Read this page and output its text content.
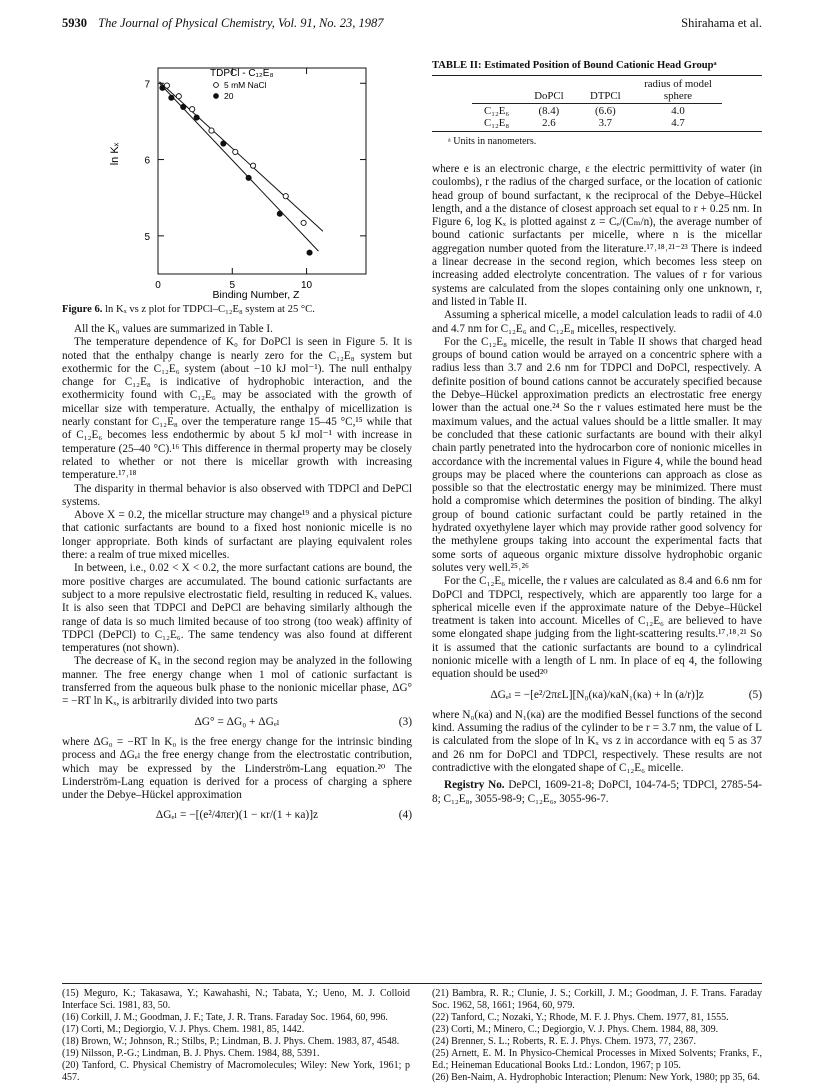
5930 The Journal of Physical Chemistry, Vol. 91, No. 23, 1987	Shirahama et al.
0	5	10
5
6
7	5 mM NaCl
20
TDPCl - C₁₂E₈
ln Kₓ
Binding Number, Z
Figure 6. ln Kₓ vs z plot for TDPCl–C₁₂E₈ system at 25 °C.

All the K₀ values are summarized in Table I.

The temperature dependence of K₀ for DoPCl is seen in Figure 5. It is noted that the enthalpy change is nearly zero for the C₁₂E₈ system but exothermic for the C₁₂E₆ system (about −10 kJ mol⁻¹). The null enthalpy change for C₁₂E₈ is indicative of hydrophobic interaction, and the exothermicity found with C₁₂E₆ may be associated with the growth of micellar size with temperature. Actually, the enthalpy of micellization is nearly constant for C₁₂E₈ over the temperature range 15–45 °C,¹⁵ while that of C₁₂E₆ becomes less endothermic by about 5 kJ mol⁻¹ with increase in temperature (25–40 °C).¹⁶ This difference in thermal property may be closely related to whether or not there is micellar growth with increasing temperature.¹⁷˒¹⁸

The disparity in thermal behavior is also observed with TDPCl and DePCl systems.

Above X = 0.2, the micellar structure may change¹⁹ and a physical picture that cationic surfactants are bound to a fixed host nonionic micelle is no longer appropriate. Both kinds of surfactant are playing equivalent roles there: a realm of true mixed micelles.

In between, i.e., 0.02 < X < 0.2, the more surfactant cations are bound, the more positive charges are accumulated. The bound cationic surfactants are subject to a more repulsive electrostatic field, resulting in reduced Kₓ values. It is also seen that TDPCl and DePCl are behaving similarly although the range of data is so much limited because of too strong (too weak) affinity of TDPCl (DePCl) to C₁₂E₆. The same tendency was also found at different temperatures (not shown).

The decrease of Kₓ in the second region may be analyzed in the following manner. The free energy change when 1 mol of cationic surfactant is transferred from the aqueous bulk phase to the nonionic micellar phase, ΔG° = −RT ln Kₓ, is arbitrarily divided into two parts

ΔG° = ΔG₀ + ΔGₑₗ	(3)

where ΔG₀ = −RT ln K₀ is the free energy change for the intrinsic binding process and ΔGₑₗ the free energy change from the electrostatic contribution, which may be expressed by the Linderström-Lang equation.²⁰ The Linderström-Lang equation is derived for a process of charging a sphere under the Debye–Hückel approximation

ΔGₑₗ = −[(e²/4πεr)(1 − κr/(1 + κa)]z	(4)
TABLE II: Estimated Position of Bound Cationic Head Groupᵃ
	DoPCl	DTPCl	radius of model sphere

C₁₂E₆	(8.4)	(6.6)	4.0
C₁₂E₈	2.6	3.7	4.7
ᵃ Units in nanometers.

where e is an electronic charge, ε the electric permittivity of water (in coulombs), r the radius of the charged surface, or the location of cationic head group of bound surfactant, κ the reciprocal of the Debye–Hückel length, and a the distance of closest approach set equal to r + 0.25 nm. In Figure 6, log Kₓ is plotted against z = Cₑ/(Cₘ/n), the average number of bound cationic surfactants per micelle, where n is the micellar aggregation number quoted from the literature.¹⁷˒¹⁸˒²¹⁻²³ There is indeed a linear decrease in the second region, which becomes less steep on increasing added electrolyte concentration. The values of r for various systems are calculated from the slopes containing only one unknown, r, and listed in Table II.

Assuming a spherical micelle, a model calculation leads to radii of 4.0 and 4.7 nm for C₁₂E₆ and C₁₂E₈ micelles, respectively.

For the C₁₂E₈ micelle, the result in Table II shows that charged head groups of bound cation would be arrayed on a concentric sphere with a radius less than 3.7 and 2.6 nm for TDPCl and DoPCl, respectively. A definite position of bound cations cannot be accurately specified because the Debye–Hückel approximation predicts an electrostatic free energy lower than the actual one.²⁴ So the r values estimated here must be the maximum values, and the actual values should be a little smaller. It may be concluded that these cationic surfactants are bound with their alkyl chain partly penetrated into the hydrocarbon core of nonionic micelles in accordance with the incremental values in Figure 4, while the bound head groups may be placed where the counterions can approach as close as possible so that the electrostatic energy may be minimized. There must hold a compromise which determines the position of binding. The alkyl group of bound cationic surfactant could be partly retained in the hydrated oxyethylene layer which may provide rather good solvency for the methylene groups taking into account the experimental facts that some sorts of aqueous organic mixture dissolve hydrophobic organic solutes very well.²⁵˒²⁶

For the C₁₂E₆ micelle, the r values are calculated as 8.4 and 6.6 nm for DoPCl and TDPCl, respectively, which are apparently too large for a spherical micelle even if the approximate nature of the Debye–Hückel treatment is taken into account. Micelles of C₁₂E₆ are believed to have some elongated shape judging from the light-scattering results.¹⁷˒¹⁸˒²¹ So it is assumed that the cationic surfactants are bound to a cylindrical nonionic micelle with a length of L nm. In place of eq 4, the following equation should be used²⁰

ΔGₑₗ = −[e²/2πεL][N₀(κa)/κaN₁(κa) + ln (a/r)]z	(5)

where N₀(κa) and N₁(κa) are the modified Bessel functions of the second kind. Assuming the radius of the cylinder to be r = 3.7 nm, the value of L is calculated from the slope of ln Kₓ vs z in accordance with eq 5 as 37 and 26 nm for DoPCl and TDPCl, respectively. These results are not contradictive with the elongated shape of C₁₂E₆ micelle.

Registry No. DePCl, 1609-21-8; DoPCl, 104-74-5; TDPCl, 2785-54-8; C₁₂E₈, 3055-98-9; C₁₂E₆, 3055-96-7.

(15) Meguro, K.; Takasawa, Y.; Kawahashi, N.; Tabata, Y.; Ueno, M. J. Colloid Interface Sci. 1981, 83, 50.
(16) Corkill, J. M.; Goodman, J. F.; Tate, J. R. Trans. Faraday Soc. 1964, 60, 996.
(17) Corti, M.; Degiorgio, V. J. Phys. Chem. 1981, 85, 1442.
(18) Brown, W.; Johnson, R.; Stilbs, P.; Lindman, B. J. Phys. Chem. 1983, 87, 4548.
(19) Nilsson, P.-G.; Lindman, B. J. Phys. Chem. 1984, 88, 5391.
(20) Tanford, C. Physical Chemistry of Macromolecules; Wiley: New York, 1961; p 457.
(21) Bambra, R. R.; Clunie, J. S.; Corkill, J. M.; Goodman, J. F. Trans. Faraday Soc. 1962, 58, 1661; 1964, 60, 979.
(22) Tanford, C.; Nozaki, Y.; Rhode, M. F. J. Phys. Chem. 1977, 81, 1555.
(23) Corti, M.; Minero, C.; Degiorgio, V. J. Phys. Chem. 1984, 88, 309.
(24) Brenner, S. L.; Roberts, R. E. J. Phys. Chem. 1973, 77, 2367.
(25) Arnett, E. M. In Physico-Chemical Processes in Mixed Solvents; Franks, F., Ed.; Heineman Educational Books Ltd.: London, 1967; p 105.
(26) Ben-Naim, A. Hydrophobic Interaction; Plenum: New York, 1980; pp 35, 64.
